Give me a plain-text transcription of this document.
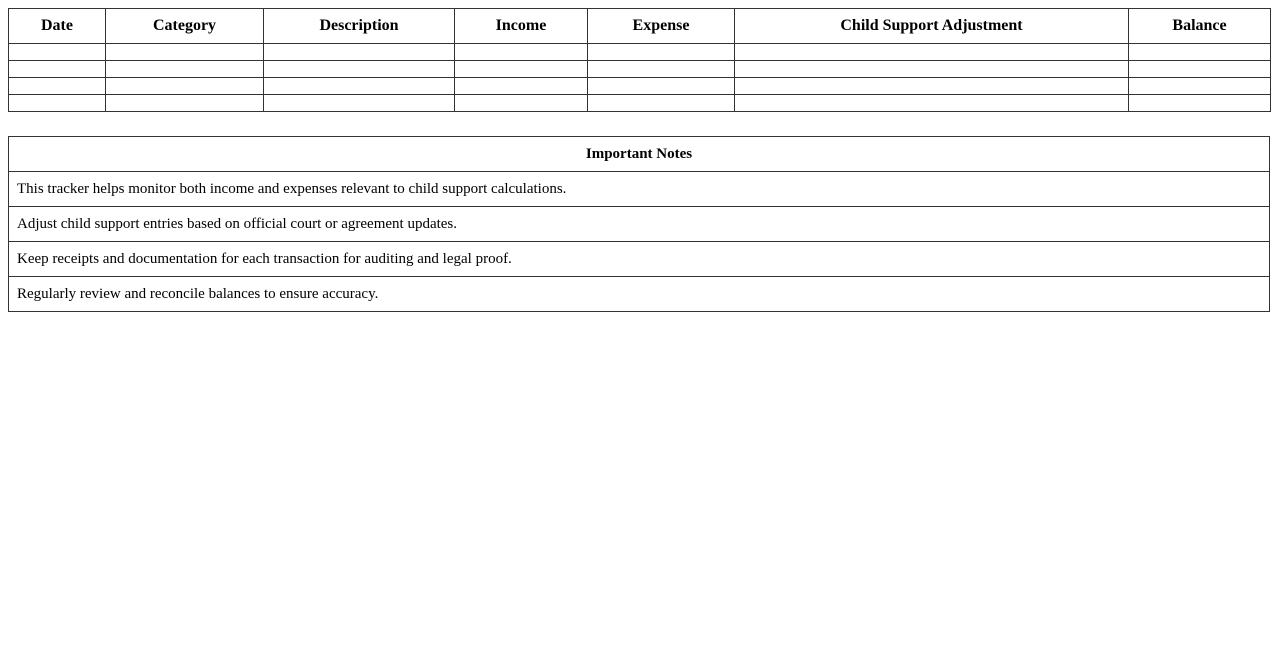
Date	Category	Description	Income	Expense	Child Support Adjustment	Balance

Important Notes
This tracker helps monitor both income and expenses relevant to child support calculations.
Adjust child support entries based on official court or agreement updates.
Keep receipts and documentation for each transaction for auditing and legal proof.
Regularly review and reconcile balances to ensure accuracy.
